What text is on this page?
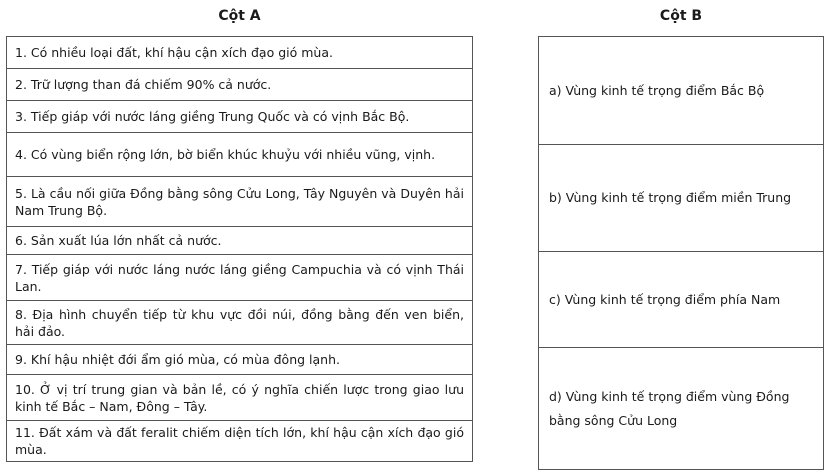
Cột A	Cột B
1. Có nhiều loại đất, khí hậu cận xích đạo gió mùa.
2. Trữ lượng than đá chiếm 90% cả nước.
3. Tiếp giáp với nước láng giềng Trung Quốc và có vịnh Bắc Bộ.
4. Có vùng biển rộng lớn, bờ biển khúc khuỷu với nhiều vũng, vịnh.
5. Là cầu nối giữa Đồng bằng sông Cửu Long, Tây Nguyên và Duyên hải Nam Trung Bộ.
6. Sản xuất lúa lớn nhất cả nước.
7. Tiếp giáp với nước láng nước láng giềng Campuchia và có vịnh Thái Lan.
8. Địa hình chuyển tiếp từ khu vực đồi núi, đồng bằng đến ven biển, hải đảo.
9. Khí hậu nhiệt đới ẩm gió mùa, có mùa đông lạnh.
10. Ở vị trí trung gian và bản lề, có ý nghĩa chiến lược trong giao lưu kinh tế Bắc – Nam, Đông – Tây.
11. Đất xám và đất feralit chiếm diện tích lớn, khí hậu cận xích đạo gió mùa.
a) Vùng kinh tế trọng điểm Bắc Bộ
b) Vùng kinh tế trọng điểm miền Trung
c) Vùng kinh tế trọng điểm phía Nam
d) Vùng kinh tế trọng điểm vùng Đồng bằng sông Cửu Long
